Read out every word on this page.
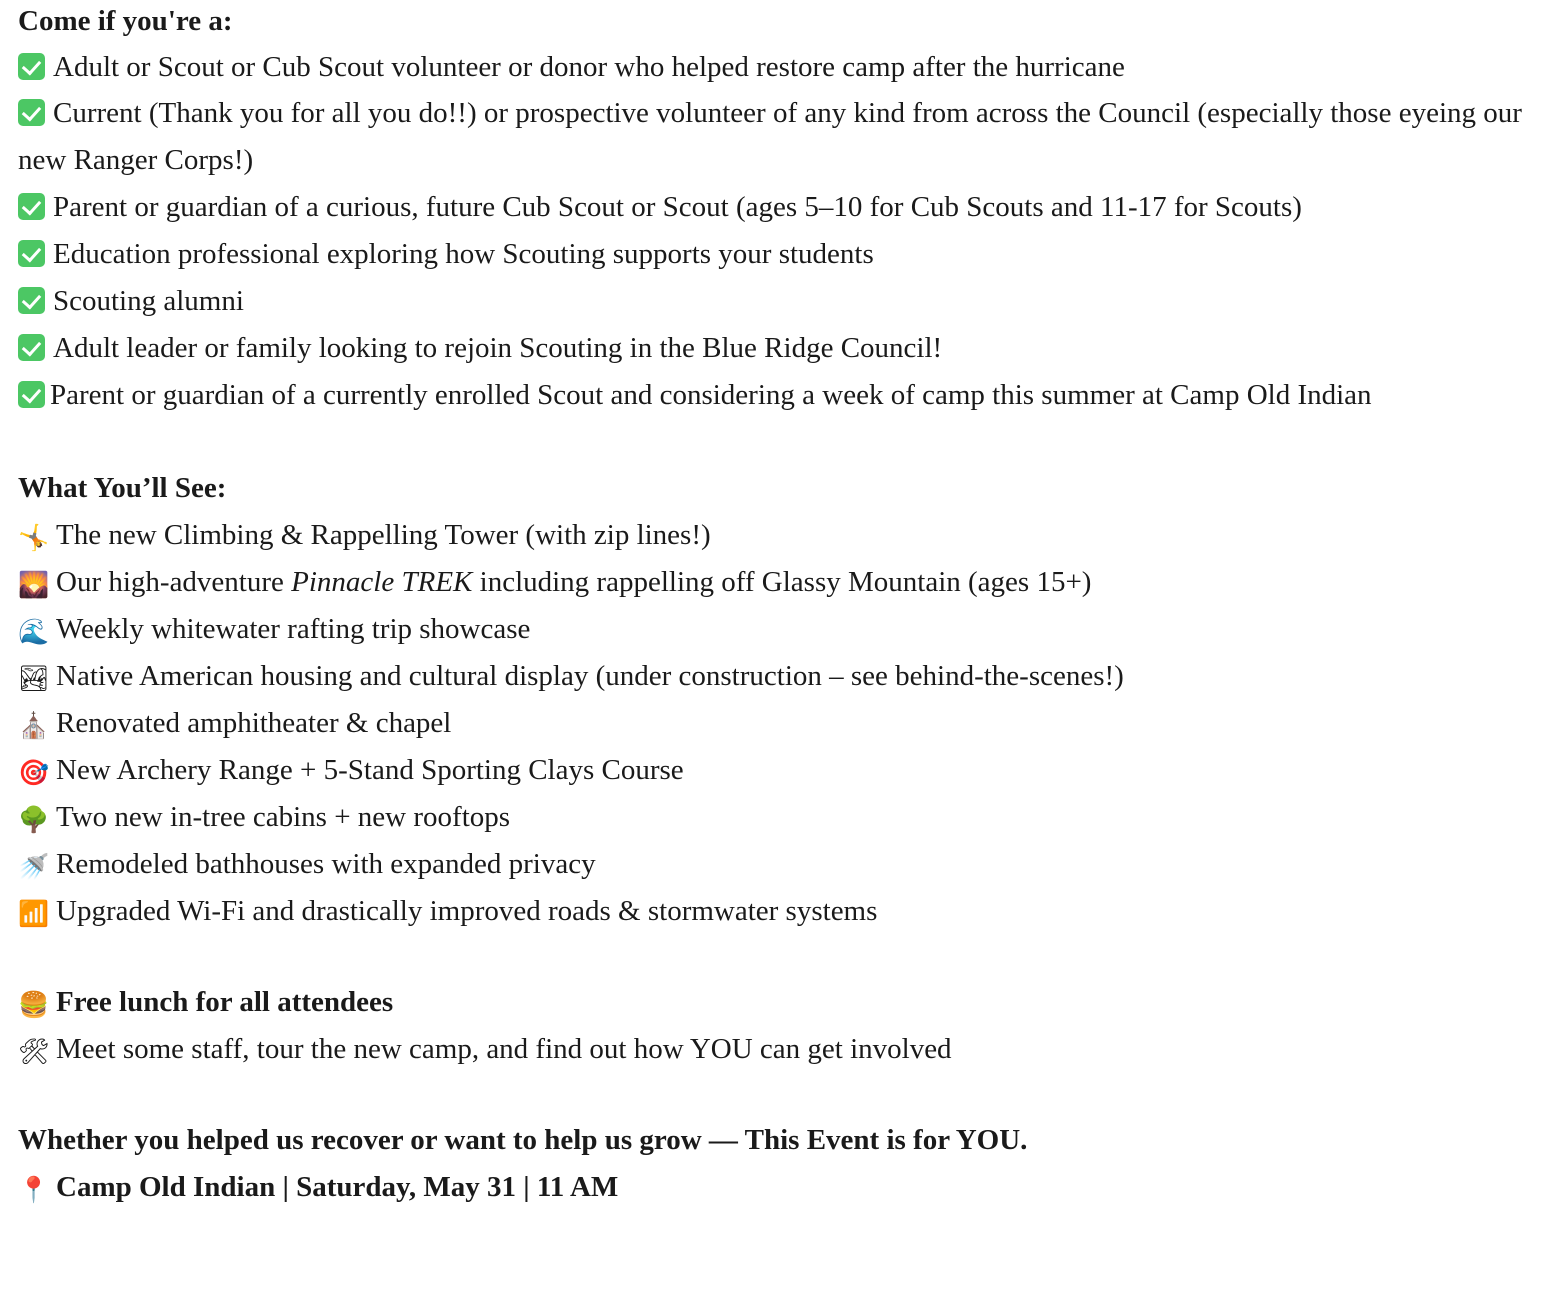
Come if you're a:
Adult or Scout or Cub Scout volunteer or donor who helped restore camp after the hurricane
Current (Thank you for all you do!!) or prospective volunteer of any kind from across the Council (especially those eyeing our new Ranger Corps!)
Parent or guardian of a curious, future Cub Scout or Scout (ages 5–10 for Cub Scouts and 11-17 for Scouts)
Education professional exploring how Scouting supports your students
Scouting alumni
Adult leader or family looking to rejoin Scouting in the Blue Ridge Council!
Parent or guardian of a currently enrolled Scout and considering a week of camp this summer at Camp Old Indian
What You’ll See:
🤸 The new Climbing & Rappelling Tower (with zip lines!)
🌄 Our high-adventure Pinnacle TREK including rappelling off Glassy Mountain (ages 15+)
🌊 Weekly whitewater rafting trip showcase
🏞 Native American housing and cultural display (under construction – see behind-the-scenes!)
⛪ Renovated amphitheater & chapel
🎯 New Archery Range + 5-Stand Sporting Clays Course
🌳 Two new in-tree cabins + new rooftops
🚿 Remodeled bathhouses with expanded privacy
📶 Upgraded Wi-Fi and drastically improved roads & stormwater systems
🍔 Free lunch for all attendees
🛠 Meet some staff, tour the new camp, and find out how YOU can get involved
Whether you helped us recover or want to help us grow — This Event is for YOU.
📍 Camp Old Indian | Saturday, May 31 | 11 AM
